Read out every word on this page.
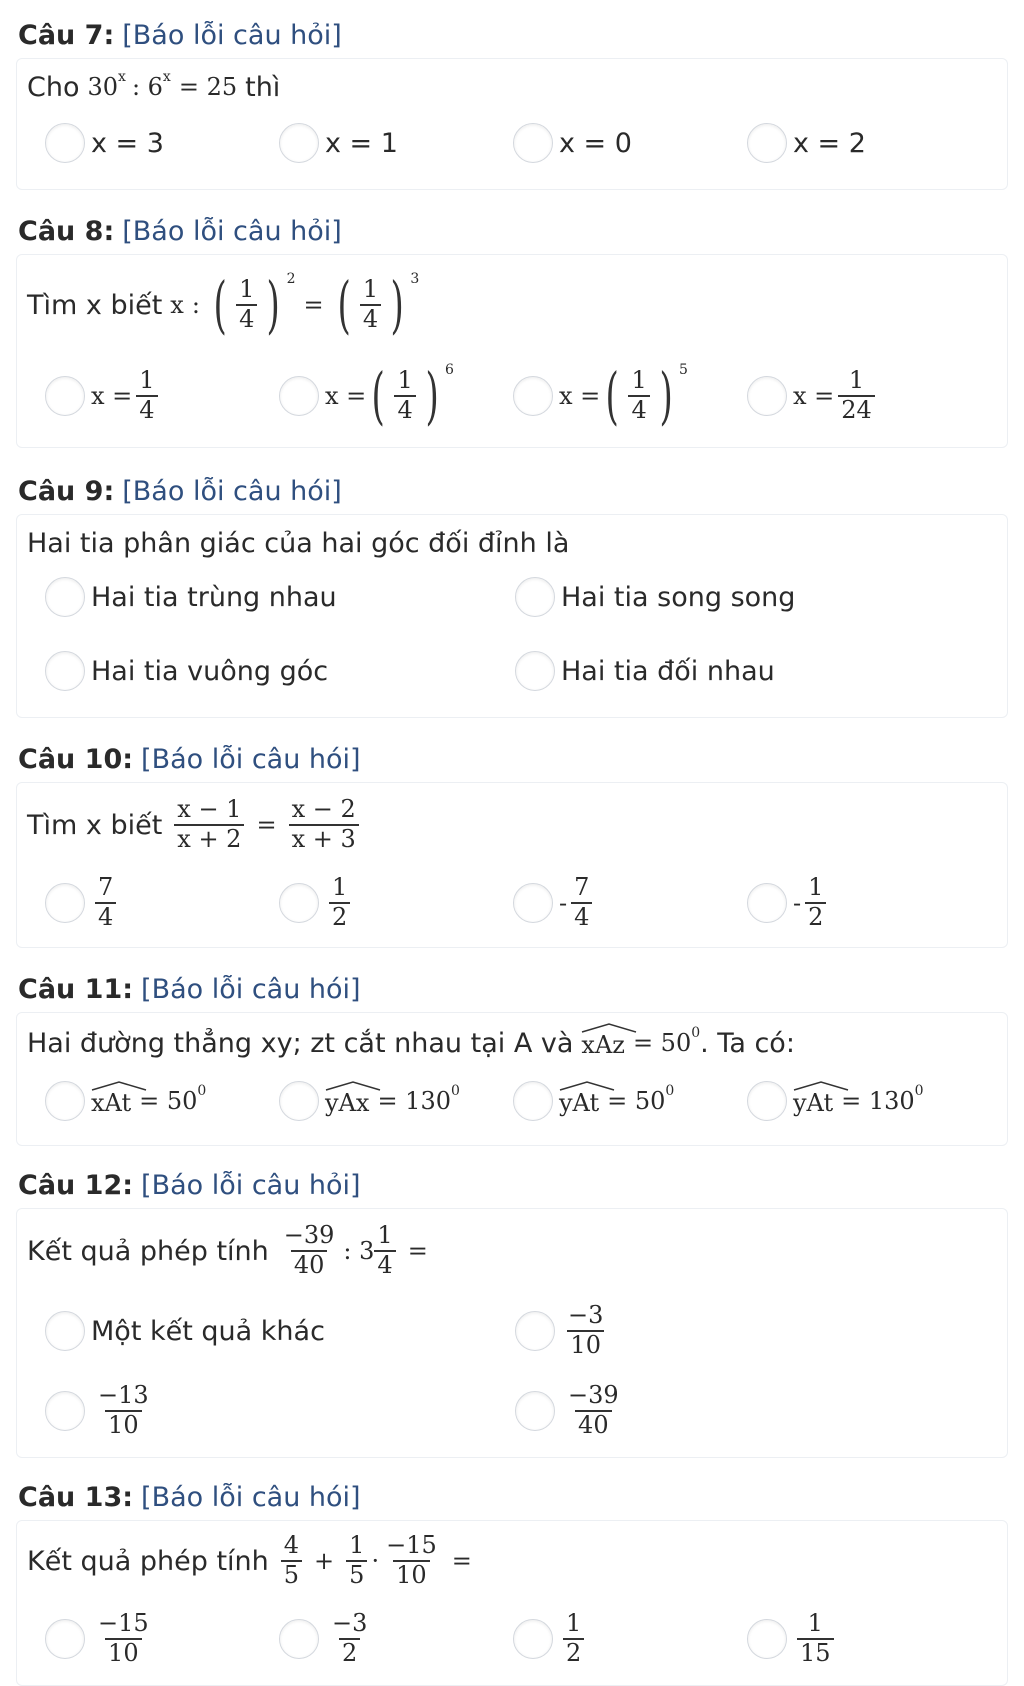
Câu 7: [Báo lỗi câu hỏi]
Cho 30 x : 6 x = 25 thì
x = 3	x = 1	x = 0	x = 2
Câu 8: [Báo lỗi câu hỏi]
Tìm x biết x : ( $\frac{1}{4}$ ) 2
= ( $\frac{1}{4}$ ) 3
$x = \frac{1}{4}$	x = ( $\frac{1}{4}$ ) 6
x = ( $\frac{1}{4}$ ) 5
$x = \frac{1}{24}$
Câu 9: [Báo lỗi câu hói]
Hai tia phân giác của hai góc đối đỉnh là
Hai tia trùng nhau	Hai tia song song
Hai tia vuông góc	Hai tia đối nhau
Câu 10: [Báo lỗi câu hói]
Tìm x biết $\frac{x - 1}{x + 2} = \frac{x - 2}{x + 3}$
$\frac{7}{4}$	$\frac{1}{2}$	- $\frac{7}{4}$	- $\frac{1}{2}$
Câu 11: [Báo lỗi câu hói]
Hai đường thẳng xy; zt cắt nhau tại A và xAz = 50 0 . Ta có:
xAt = 50 0	yAx = 130 0	yAt = 50 0	yAt = 130 0
Câu 12: [Báo lỗi câu hỏi]
Kết quả phép tính $\frac{-39}{40}$ : $3 \frac{1}{4}$ =
Một kết quả khác	$\frac{-3}{10}$
$\frac{-13}{10}$	$\frac{-39}{40}$
Câu 13: [Báo lỗi câu hói]
Kết quả phép tính $\frac{4}{5} + \frac{1}{5} \cdot \frac{-15}{10}$ =
$\frac{-15}{10}$	$\frac{-3}{2}$	$\frac{1}{2}$	$\frac{1}{15}$
